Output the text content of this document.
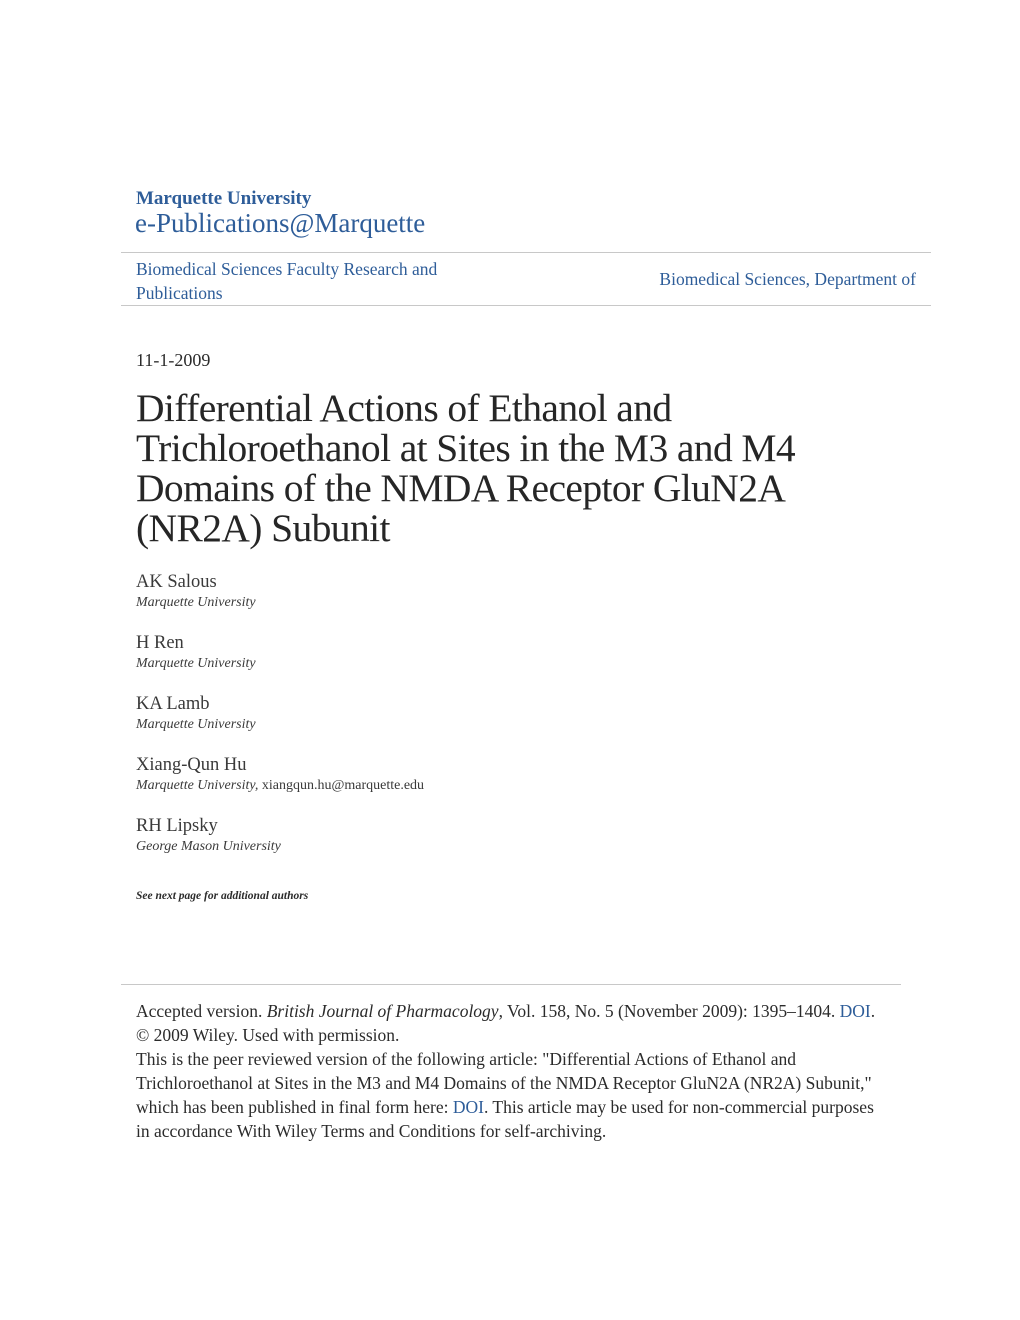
Marquette University
e-Publications@Marquette
Biomedical Sciences Faculty Research and Publications
Biomedical Sciences, Department of
11-1-2009
Differential Actions of Ethanol and Trichloroethanol at Sites in the M3 and M4 Domains of the NMDA Receptor GluN2A (NR2A) Subunit
AK Salous
Marquette University
H Ren
Marquette University
KA Lamb
Marquette University
Xiang-Qun Hu
Marquette University, xiangqun.hu@marquette.edu
RH Lipsky
George Mason University
See next page for additional authors

Accepted version. British Journal of Pharmacology, Vol. 158, No. 5 (November 2009): 1395–1404. DOI. © 2009 Wiley. Used with permission.

This is the peer reviewed version of the following article: "Differential Actions of Ethanol and Trichloroethanol at Sites in the M3 and M4 Domains of the NMDA Receptor GluN2A (NR2A) Subunit," which has been published in final form here: DOI. This article may be used for non-commercial purposes in accordance With Wiley Terms and Conditions for self-archiving.
